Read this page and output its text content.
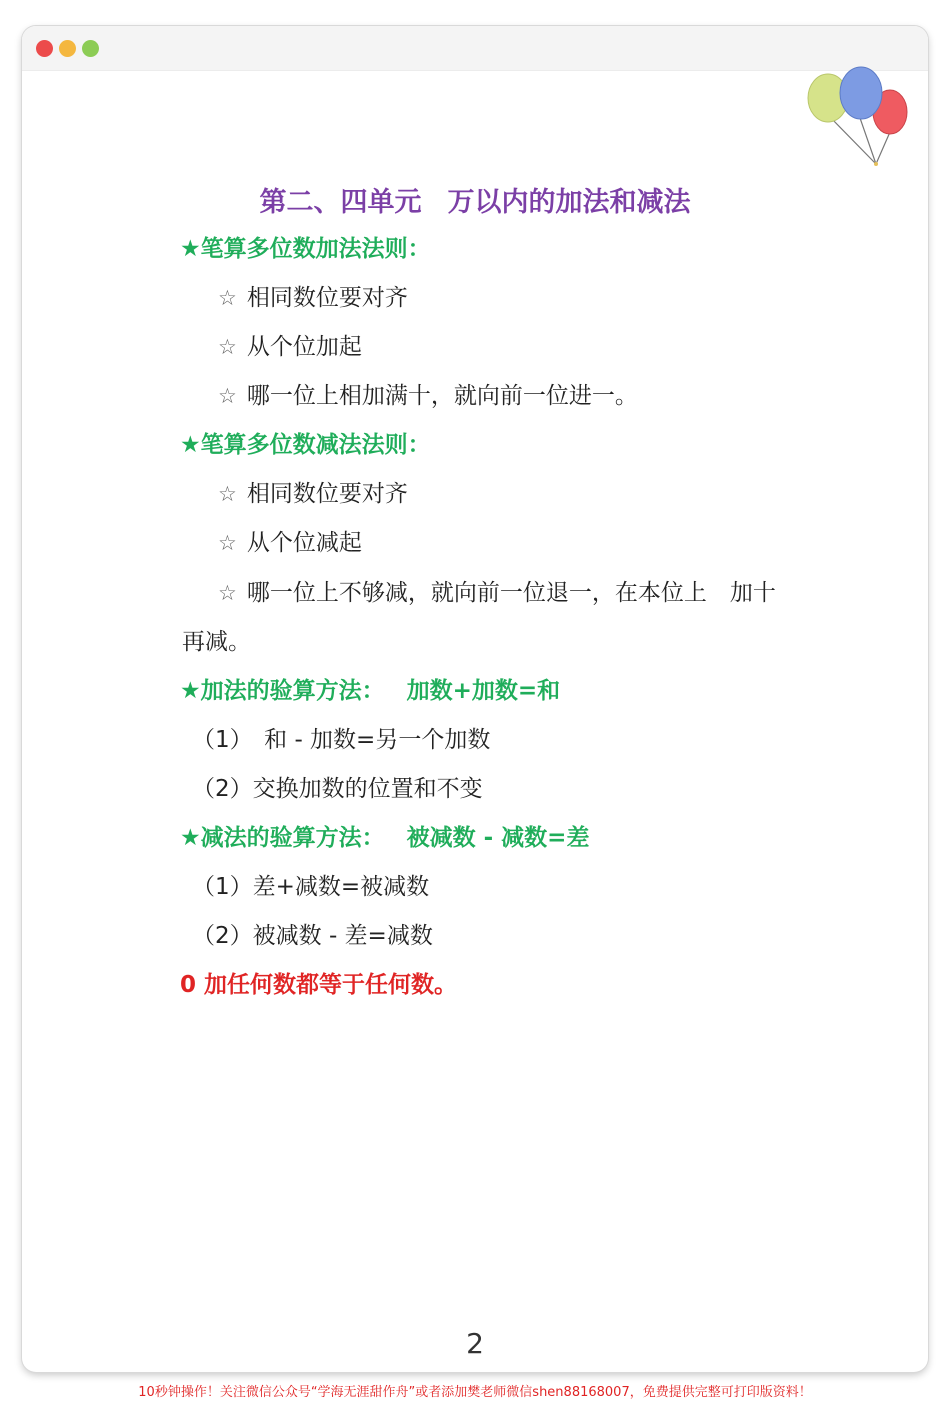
第二、四单元 万以内的加法和减法
★笔算多位数加法法则：
☆ 相同数位要对齐
☆ 从个位加起
☆ 哪一位上相加满十，就向前一位进一。
★笔算多位数减法法则：
☆ 相同数位要对齐
☆ 从个位减起
☆ 哪一位上不够减，就向前一位退一，在本位上　加十
再减。
★加法的验算方法： 加数+加数=和
（1）　和 - 加数=另一个加数
（2）交换加数的位置和不变
★减法的验算方法： 被减数 - 减数=差
（1）差+减数=被减数
（2）被减数 - 差=减数
0 加任何数都等于任何数。
2
10秒钟操作！关注微信公众号“学海无涯甜作舟”或者添加樊老师微信shen88168007，免费提供完整可打印版资料！
